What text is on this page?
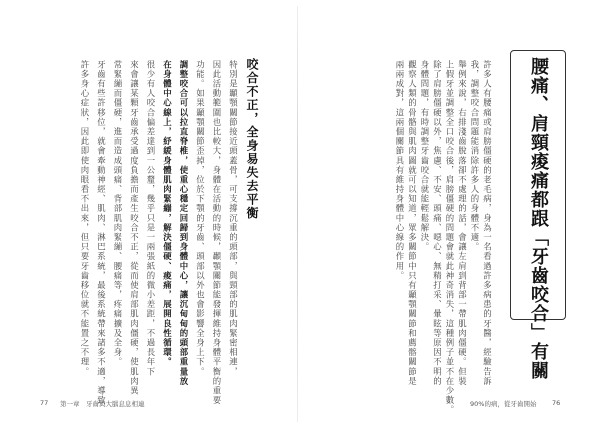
許多人有腰痛或肩膀僵硬的老毛病，身為一名看過許多病患的牙醫，經驗告訴
我，調整咬合問題能消除許多人的身體不適。
舉例來說，右排淺齒脫落卻不處理的話，會讓左肩到背部一帶肌肉僵硬。但裝
上假牙並調整全口咬合後，肩膀僵硬的問題會就此神奇消失，這種例子並不在少數。
除了肩膀僵硬以外，焦慮、不安、頭痛、噁心、無精打采、暈眩等原因不明的
身體問題，有時調整牙齒咬合就能輕鬆解決。
觀察人類的骨骼與肌肉圖就可以知道，眾多關節中只有顳顎關節和薦髂關節是
兩兩成對，這兩個關節具有維持身體中心線的作用。	腰痛、肩頸痠痛都跟「牙齒咬合」有關
咬合不正，全身易失去平衡
特別是顳顎關節接近頭蓋骨，可支撐沉重的頭部，與頸部的肌肉緊密相連，
因此活動範圍也比較大，身體在活動的時候，顳顎關節能發揮維持身體平衡的重要
功能。如果顳顎關節歪掉，位於下顎的牙齒、頭部以外也會影響全身上下。
調整咬合可以拉直脊椎，使重心穩定回歸到身體中心，讓沉甸甸的頭部重量放
在身體中心線上，紓緩身體肌肉緊繃，解決僵硬、痠痛，展開良性循環。
很少有人咬合偏差達到一公釐，幾乎只是一兩張紙的微小差距，不過長年下
來會讓某顆牙齒承受過度負擔而產生咬合不正，從而使肩部肌肉僵硬，使肌肉異
常緊繃而僵硬，進而造成頭痛、背部肌肉緊繃、腰痛等，疼痛擴及全身。
牙齒有些許移位，就會牽動神經、肌肉、淋巴系統，最後系統帶來諸多不適，導致
許多身心症狀，因此即使肉眼看不出來，但只要牙齒移位就不能置之不理。
77 第一章　牙齒與大腦息息相連	90%的病，從牙齒開始 76
